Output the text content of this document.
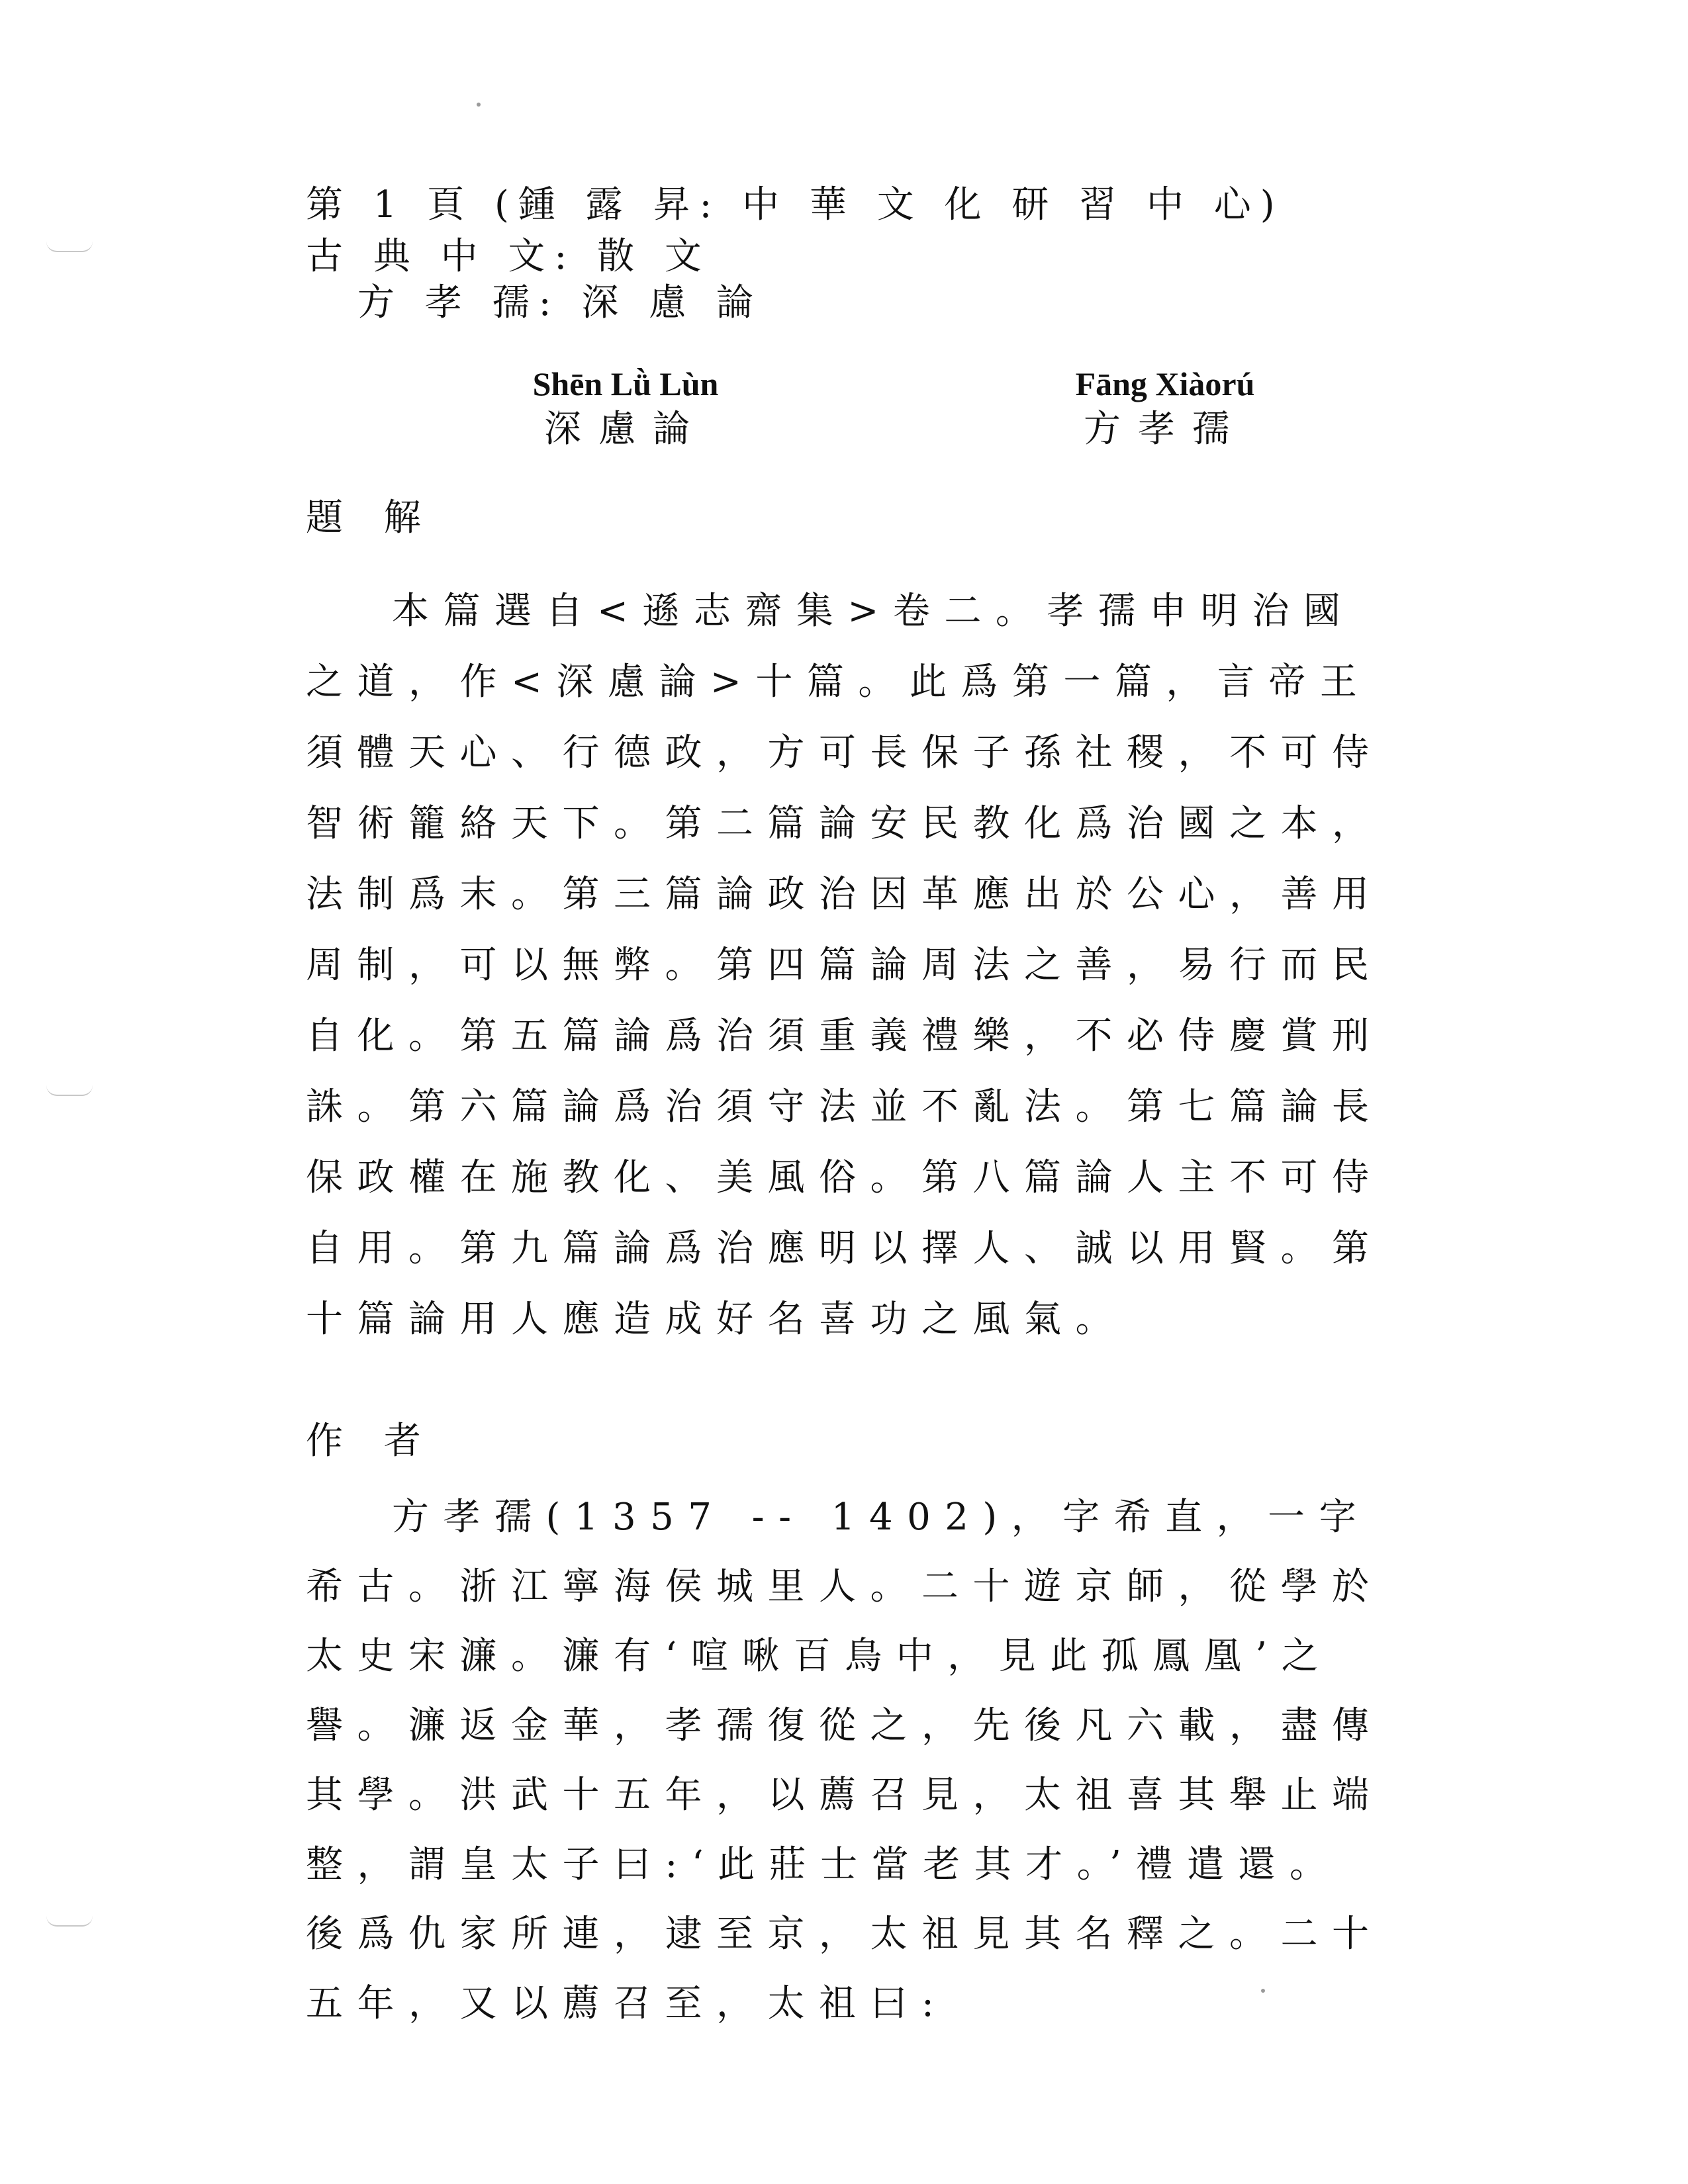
第 1 頁 (鍾 露 昇: 中 華 文 化 研 習 中 心)
古 典 中 文: 散 文
方 孝 孺: 深 慮 論
Shēn Lǜ Lùn
深慮論
Fāng Xiàorú
方孝孺
題 解

本篇選自<遜志齋集>卷二。孝孺申明治國之道，作<深慮論>十篇。此爲第一篇，言帝王須體天心、行德政，方可長保子孫社稷，不可侍智術籠絡天下。第二篇論安民教化爲治國之本，法制爲末。第三篇論政治因革應出於公心，善用周制，可以無弊。第四篇論周法之善，易行而民自化。第五篇論爲治須重義禮樂，不必侍慶賞刑誅。第六篇論爲治須守法並不亂法。第七篇論長保政權在施教化、美風俗。第八篇論人主不可侍自用。第九篇論爲治應明以擇人、誠以用賢。第十篇論用人應造成好名喜功之風氣。

作 者

方孝孺(1357 -- 1402)，字希直，一字希古。浙江寧海侯城里人。二十遊京師，從學於太史宋濂。濂有‘喧啾百鳥中，見此孤鳳凰’之譽。濂返金華，孝孺復從之，先後凡六載，盡傳其學。洪武十五年，以薦召見，太祖喜其舉止端整，謂皇太子曰:‘此莊士當老其才。’禮遣還。後爲仇家所連，逮至京，太祖見其名釋之。二十五年，又以薦召至，太祖曰:
